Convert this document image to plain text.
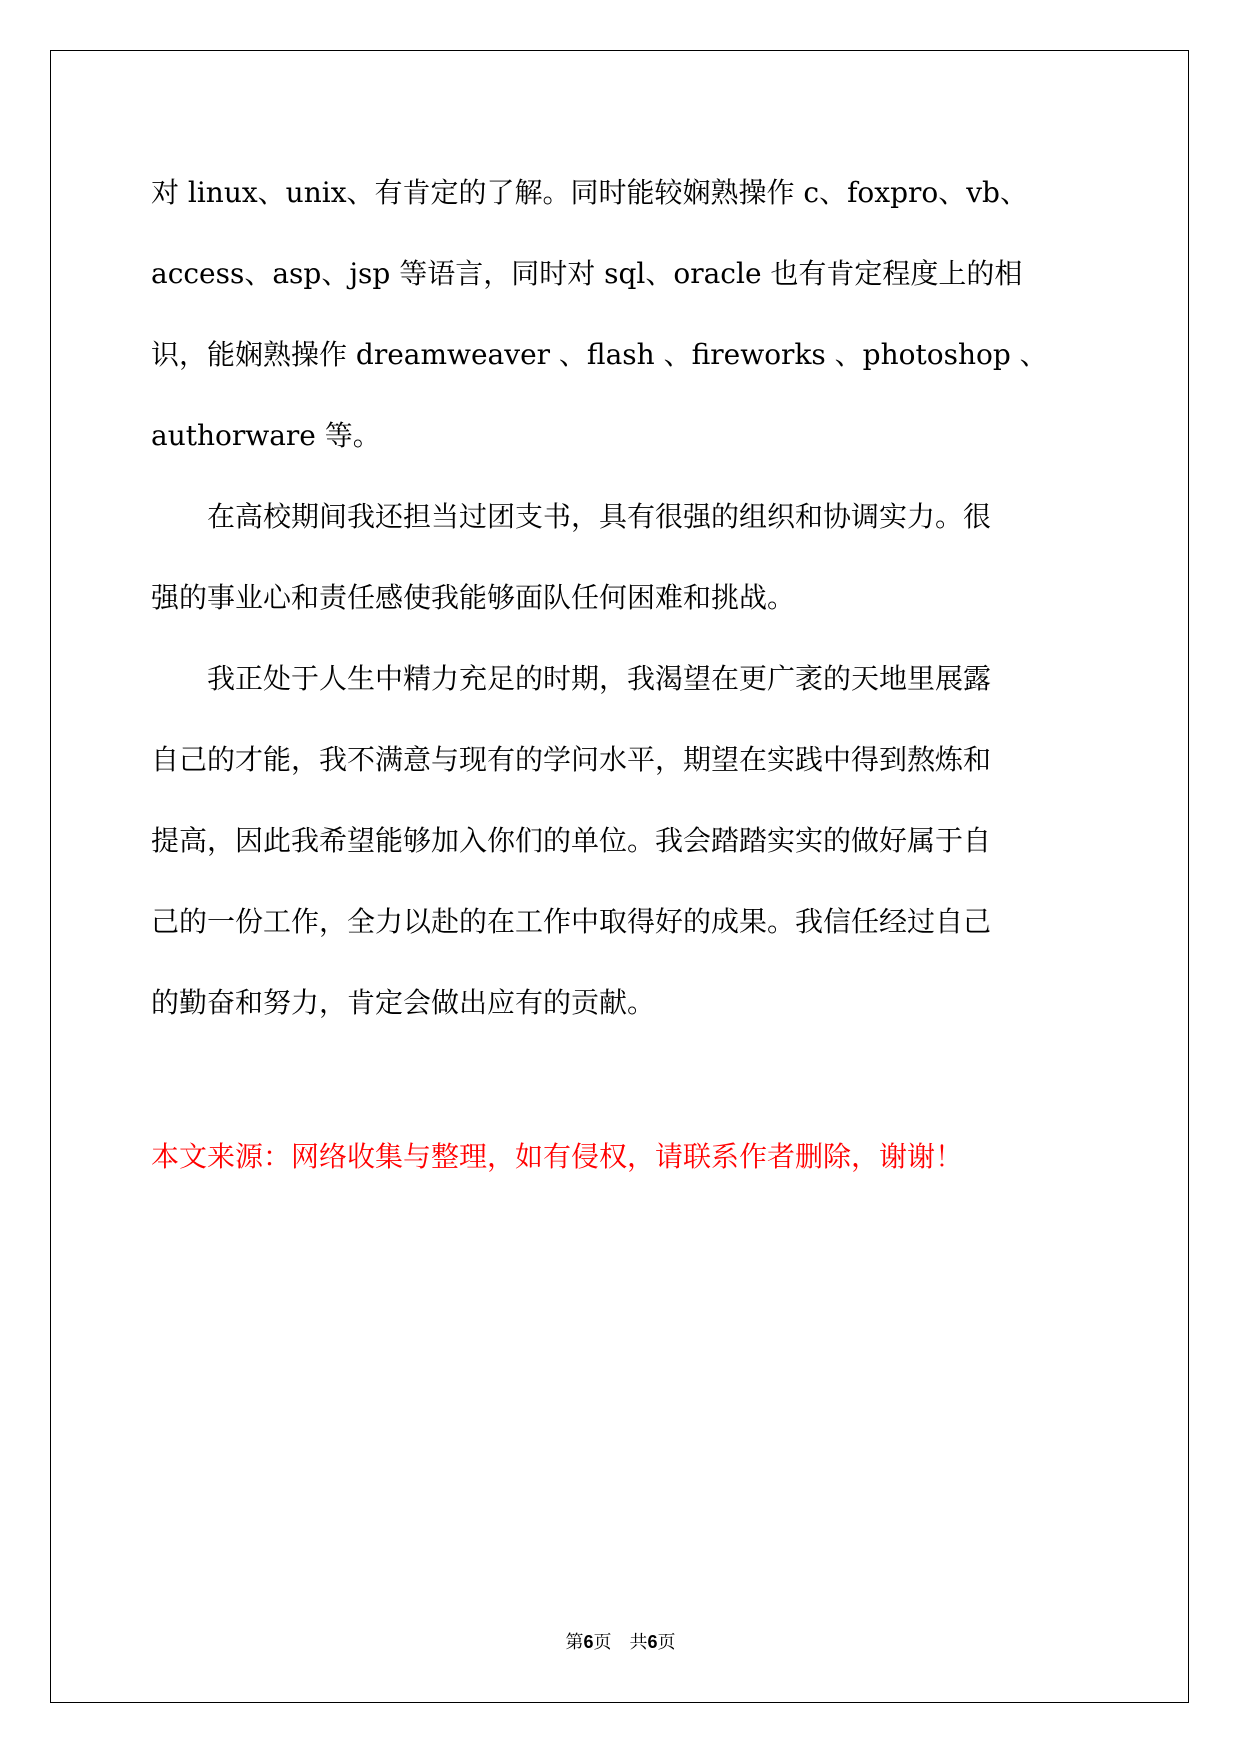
对 linux、unix、有肯定的了解。同时能较娴熟操作 c、foxpro、vb、
access、asp、jsp 等语言，同时对 sql、oracle 也有肯定程度上的相
识，能娴熟操作 dreamweaver 、flash 、fireworks 、photoshop 、
authorware 等。
　　在高校期间我还担当过团支书，具有很强的组织和协调实力。很
强的事业心和责任感使我能够面队任何困难和挑战。
　　我正处于人生中精力充足的时期，我渴望在更广袤的天地里展露
自己的才能，我不满意与现有的学问水平，期望在实践中得到熬炼和
提高，因此我希望能够加入你们的单位。我会踏踏实实的做好属于自
己的一份工作，全力以赴的在工作中取得好的成果。我信任经过自己
的勤奋和努力，肯定会做出应有的贡献。
本文来源：网络收集与整理，如有侵权，请联系作者删除，谢谢！
第6页　共6页
